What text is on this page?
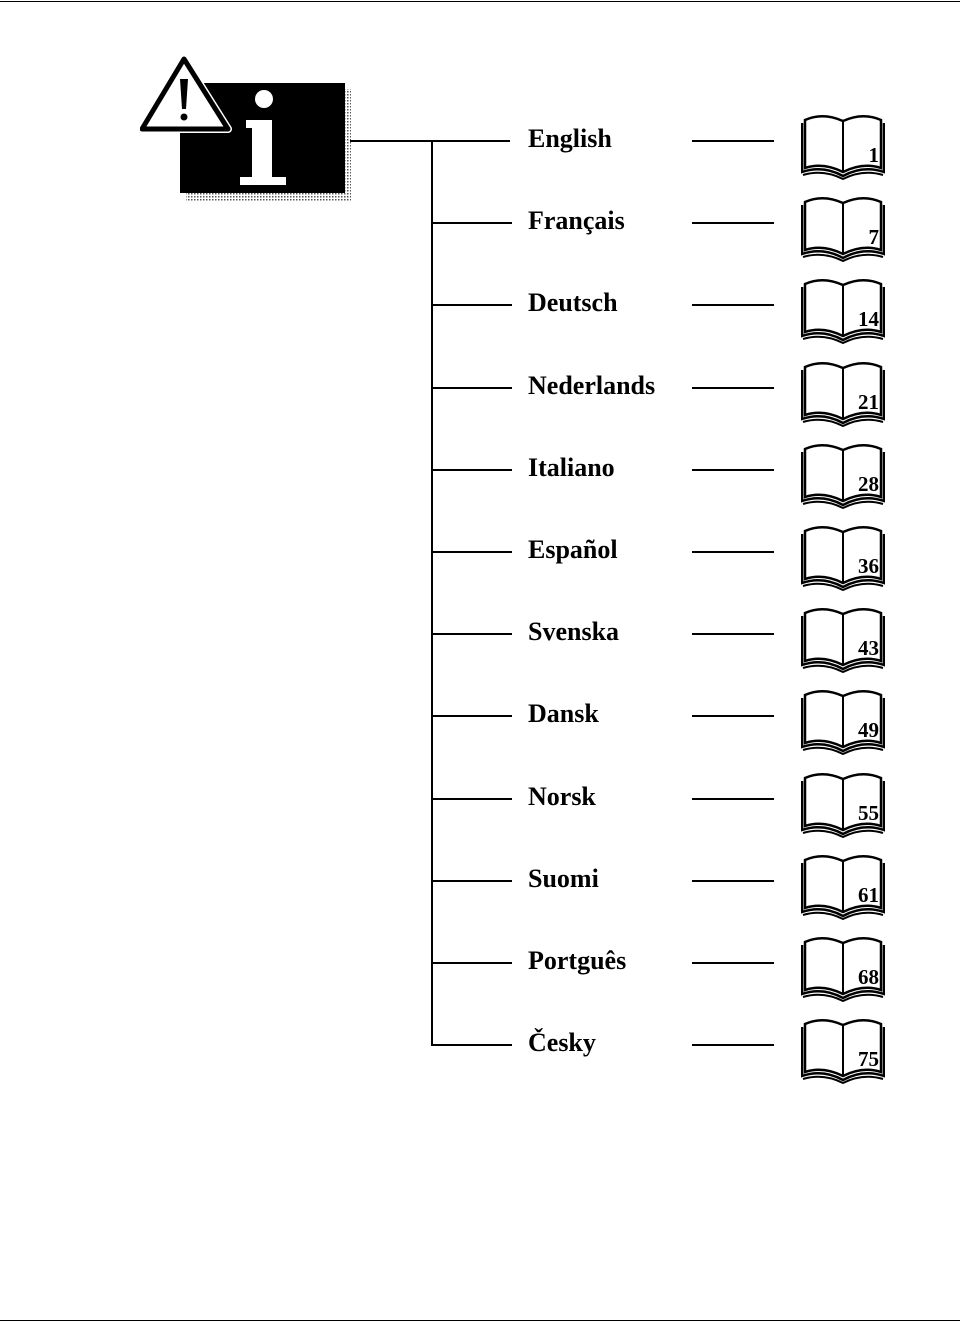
English
1
Français
7
Deutsch
14
Nederlands
21
Italiano
28
Español
36
Svenska
43
Dansk
49
Norsk
55
Suomi
61
Portguês
68
Česky
75
